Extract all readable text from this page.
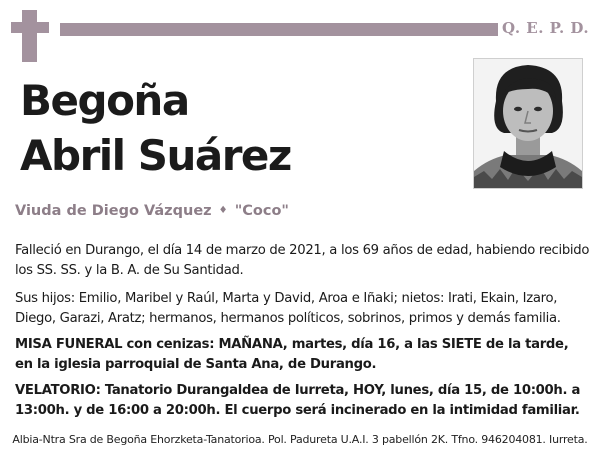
Q. E. P. D.
Begoña
Abril Suárez
Viuda de Diego Vázquez ♦ "Coco"
Falleció en Durango, el día 14 de marzo de 2021, a los 69 años de edad, habiendo recibido los SS. SS. y la B. A. de Su Santidad.
Sus hijos: Emilio, Maribel y Raúl, Marta y David, Aroa e Iñaki; nietos: Irati, Ekain, Izaro, Diego, Garazi, Aratz; hermanos, hermanos políticos, sobrinos, primos y demás familia.
MISA FUNERAL con cenizas: MAÑANA, martes, día 16, a las SIETE de la tarde, en la iglesia parroquial de Santa Ana, de Durango.
VELATORIO: Tanatorio Durangaldea de Iurreta, HOY, lunes, día 15, de 10:00h. a 13:00h. y de 16:00 a 20:00h. El cuerpo será incinerado en la intimidad familiar.
Albia-Ntra Sra de Begoña Ehorzketa-Tanatorioa. Pol. Padureta U.A.I. 3 pabellón 2K. Tfno. 946204081. Iurreta.
